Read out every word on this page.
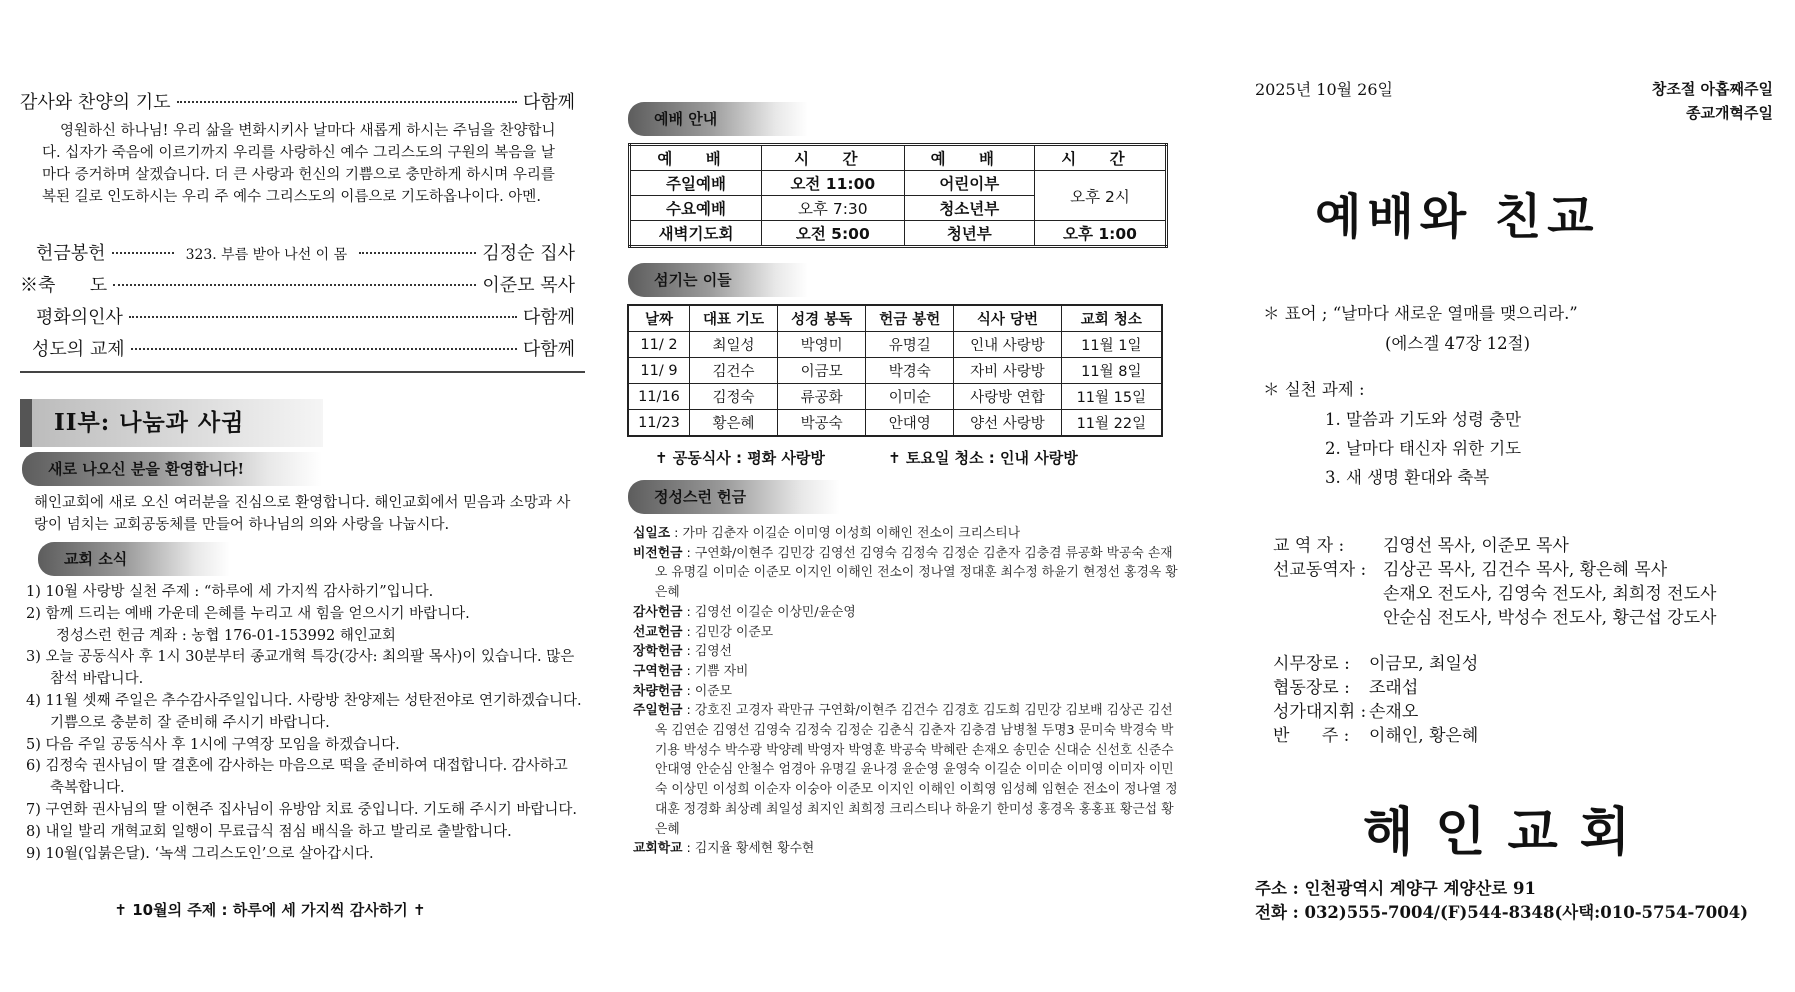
감사와 찬양의 기도	다함께
영원하신 하나님! 우리 삶을 변화시키사 날마다 새롭게 하시는 주님을 찬양합니다. 십자가 죽음에 이르기까지 우리를 사랑하신 예수 그리스도의 구원의 복음을 날마다 증거하며 살겠습니다. 더 큰 사랑과 헌신의 기쁨으로 충만하게 하시며 우리를 복된 길로 인도하시는 우리 주 예수 그리스도의 이름으로 기도하옵나이다. 아멘.
헌금봉헌	323. 부름 받아 나선 이 몸	김정순 집사
※축      도	이준모 목사
평화의인사	다함께
성도의 교제	다함께
II부: 나눔과 사귐
새로 나오신 분을 환영합니다!
해인교회에 새로 오신 여러분을 진심으로 환영합니다. 해인교회에서 믿음과 소망과 사랑이 넘치는 교회공동체를 만들어 하나님의 의와 사랑을 나눕시다.
교회 소식
1) 10월 사랑방 실천 주제 : “하루에 세 가지씩 감사하기”입니다.
2) 함께 드리는 예배 가운데 은혜를 누리고 새 힘을 얻으시기 바랍니다.
정성스런 헌금 계좌 : 농협 176-01-153992 해인교회
3) 오늘 공동식사 후 1시 30분부터 종교개혁 특강(강사: 최의팔 목사)이 있습니다. 많은 참석 바랍니다.
4) 11월 셋째 주일은 추수감사주일입니다. 사랑방 찬양제는 성탄전야로 연기하겠습니다. 기쁨으로 충분히 잘 준비해 주시기 바랍니다.
5) 다음 주일 공동식사 후 1시에 구역장 모임을 하겠습니다.
6) 김정숙 권사님이 딸 결혼에 감사하는 마음으로 떡을 준비하여 대접합니다. 감사하고 축복합니다.
7) 구연화 권사님의 딸 이현주 집사님이 유방암 치료 중입니다. 기도해 주시기 바랍니다.
8) 내일 발리 개혁교회 일행이 무료급식 점심 배식을 하고 발리로 출발합니다.
9) 10월(입붉은달). ‘녹색 그리스도인’으로 살아갑시다.
✝ 10월의 주제 : 하루에 세 가지씩 감사하기 ✝
예배 안내
예 배	시 간	예 배	시 간
주일예배	오전 11:00	어린이부	오후 2시
수요예배	오후 7:30	청소년부	
새벽기도회	오전 5:00	청년부	오후 1:00
섬기는 이들
날짜	대표 기도	성경 봉독	헌금 봉헌	식사 당번	교회 청소
11/ 2	최일성	박영미	유명길	인내 사랑방	11월 1일
11/ 9	김건수	이금모	박경숙	자비 사랑방	11월 8일
11/16	김정숙	류공화	이미순	사랑방 연합	11월 15일
11/23	황은혜	박공숙	안대영	양선 사랑방	11월 22일
✝ 공동식사 : 평화 사랑방	✝ 토요일 청소 : 인내 사랑방
정성스런 헌금
십일조 : 가마 김춘자 이길순 이미영 이성희 이해인 전소이 크리스티나
비전헌금 : 구연화/이현주 김민강 김영선 김영숙 김정숙 김정순 김춘자 김충겸 류공화 박공숙 손재오 유명길 이미순 이준모 이지인 이해인 전소이 정나열 정대훈 최수정 하윤기 현정선 홍경옥 황은혜
감사헌금 : 김영선 이길순 이상민/윤순영
선교헌금 : 김민강 이준모
장학헌금 : 김영선
구역헌금 : 기쁨 자비
차량헌금 : 이준모
주일헌금 : 강호진 고경자 곽만규 구연화/이현주 김건수 김경호 김도희 김민강 김보배 김상곤 김선옥 김연순 김영선 김영숙 김정숙 김정순 김춘식 김춘자 김충겸 남병철 두명3 문미숙 박경숙 박기용 박성수 박수광 박양례 박영자 박영훈 박공숙 박혜란 손재오 송민순 신대순 신선호 신준수 안대영 안순심 안철수 엄경아 유명길 윤나경 윤순영 윤영숙 이길순 이미순 이미영 이미자 이민숙 이상민 이성희 이순자 이숭아 이준모 이지인 이해인 이희영 임성혜 임현순 전소이 정나열 정대훈 정경화 최상례 최일성 최지인 최희정 크리스티나 하윤기 한미성 홍경옥 홍홍표 황근섭 황은혜
교회학교 : 김지율 황세현 황수현
2025년 10월 26일	창조절 아홉째주일
종교개혁주일
예배와 친교
＊ 표어 ; “날마다 새로운 열매를 맺으리라.”
(에스겔 47장 12절)
＊ 실천 과제 :
1. 말씀과 기도와 성령 충만
2. 날마다 태신자 위한 기도
3. 새 생명 환대와 축복
교 역 자 :	김영선 목사, 이준모 목사
선교동역자 : 김상곤 목사, 김건수 목사, 황은혜 목사
손재오 전도사, 김영숙 전도사, 최희정 전도사
안순심 전도사, 박성수 전도사, 황근섭 강도사
시무장로 :	이금모, 최일성
협동장로 :	조래섭
성가대지휘 : 손재오
반      주 :	이해인, 황은혜
해인교회
주소 : 인천광역시 계양구 계양산로 91
전화 : 032)555-7004/(F)544-8348(사택:010-5754-7004)
